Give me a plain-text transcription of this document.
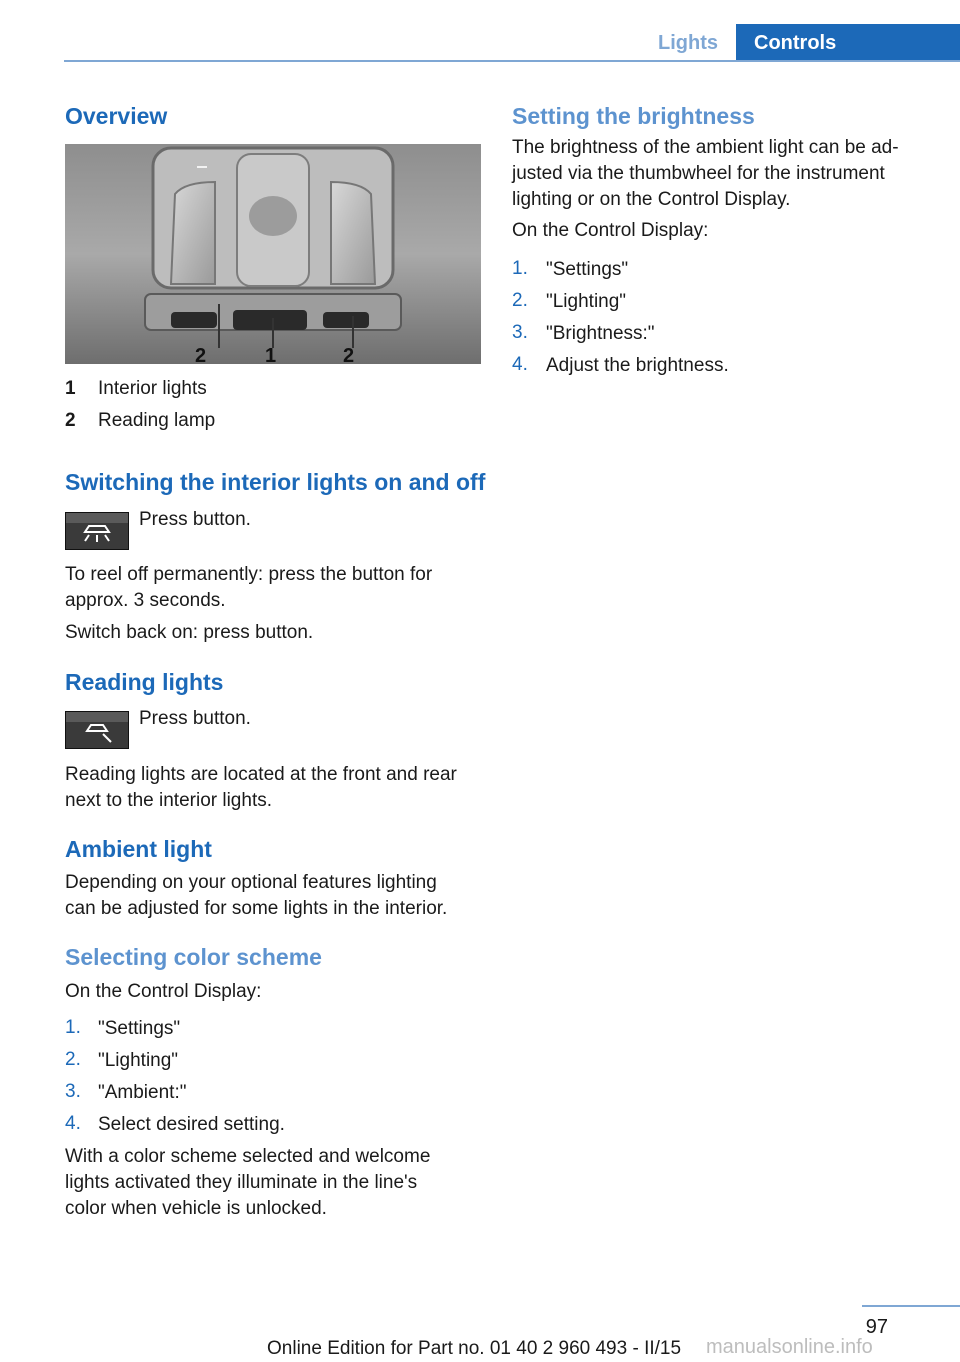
Lights	Controls
Overview
2	1	2
1 Interior lights
2 Reading lamp
Switching the interior lights on and off
Press button.
To reel off permanently: press the button for
approx. 3 seconds.
Switch back on: press button.
Reading lights
Press button.
Reading lights are located at the front and rear
next to the interior lights.
Ambient light
Depending on your optional features lighting
can be adjusted for some lights in the interior.
Selecting color scheme
On the Control Display:
1. "Settings"
2. "Lighting"
3. "Ambient:"
4. Select desired setting.
With a color scheme selected and welcome
lights activated they illuminate in the line's
color when vehicle is unlocked.
Setting the brightness
The brightness of the ambient light can be ad‐
justed via the thumbwheel for the instrument
lighting or on the Control Display.
On the Control Display:
1. "Settings"
2. "Lighting"
3. "Brightness:"
4. Adjust the brightness.
97
Online Edition for Part no. 01 40 2 960 493 - II/15 manualsonline.info
